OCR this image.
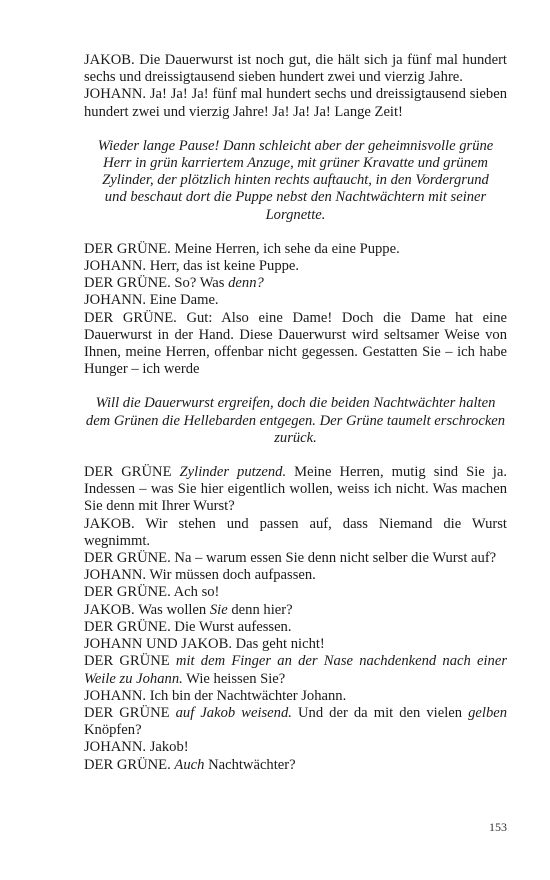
JAKOB. Die Dauerwurst ist noch gut, die hält sich ja fünf mal hundert sechs und dreissigtausend sieben hundert zwei und vierzig Jahre.

JOHANN. Ja! Ja! Ja! fünf mal hundert sechs und dreissigtausend sieben hundert zwei und vierzig Jahre! Ja! Ja! Ja! Lange Zeit!

Wieder lange Pause! Dann schleicht aber der geheimnisvolle grüne Herr in grün karriertem Anzuge, mit grüner Kravatte und grünem Zylinder, der plötzlich hinten rechts auftaucht, in den Vordergrund und beschaut dort die Puppe nebst den Nachtwächtern mit seiner Lorgnette.

DER GRÜNE. Meine Herren, ich sehe da eine Puppe.

JOHANN. Herr, das ist keine Puppe.

DER GRÜNE. So? Was denn?

JOHANN. Eine Dame.

DER GRÜNE. Gut: Also eine Dame! Doch die Dame hat eine Dauerwurst in der Hand. Diese Dauerwurst wird seltsamer Weise von Ihnen, meine Herren, offenbar nicht gegessen. Gestatten Sie – ich habe Hunger – ich werde

Will die Dauerwurst ergreifen, doch die beiden Nachtwächter halten dem Grünen die Hellebarden entgegen. Der Grüne taumelt erschrocken zurück.

DER GRÜNE Zylinder putzend. Meine Herren, mutig sind Sie ja. Indessen – was Sie hier eigentlich wollen, weiss ich nicht. Was machen Sie denn mit Ihrer Wurst?

JAKOB. Wir stehen und passen auf, dass Niemand die Wurst wegnimmt.

DER GRÜNE. Na – warum essen Sie denn nicht selber die Wurst auf?

JOHANN. Wir müssen doch aufpassen.

DER GRÜNE. Ach so!

JAKOB. Was wollen Sie denn hier?

DER GRÜNE. Die Wurst aufessen.

JOHANN UND JAKOB. Das geht nicht!

DER GRÜNE mit dem Finger an der Nase nachdenkend nach einer Weile zu Johann. Wie heissen Sie?

JOHANN. Ich bin der Nachtwächter Johann.

DER GRÜNE auf Jakob weisend. Und der da mit den vielen gelben Knöpfen?

JOHANN. Jakob!

DER GRÜNE. Auch Nachtwächter?

153
